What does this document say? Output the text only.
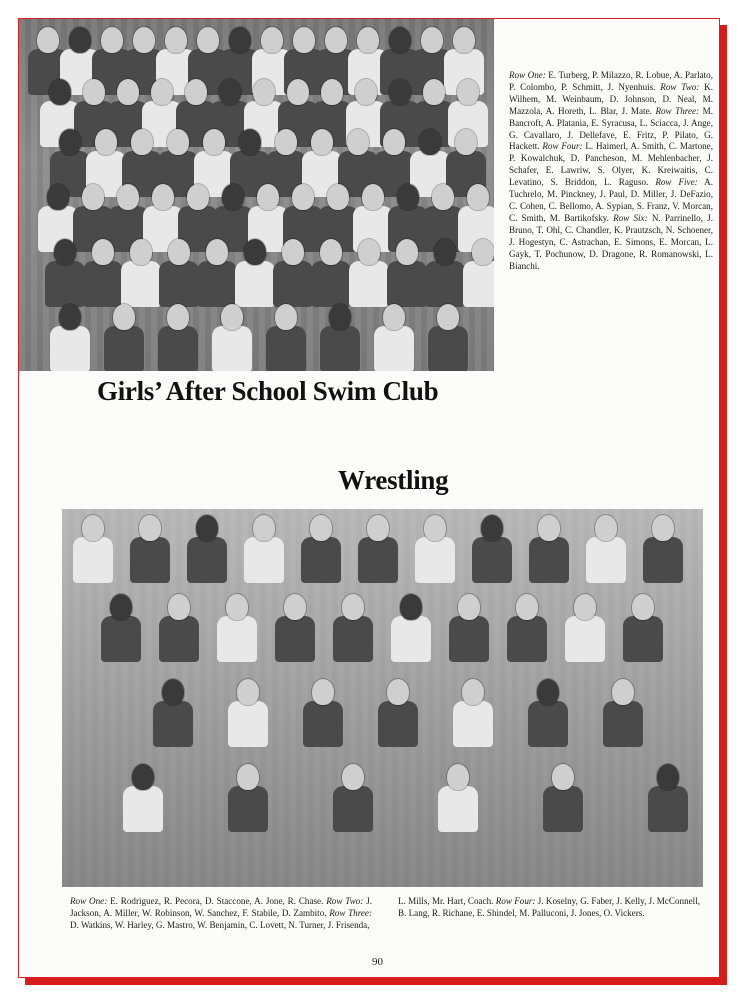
Row One: E. Turberg, P. Milazzo, R. Lobue, A. Parlato, P. Colombo, P. Schmitt, J. Nyenhuis. Row Two: K. Wilhem, M. Weinbaum, D. Johnson, D. Neal, M. Mazzola, A. Horeth, L. Blar, J. Mate. Row Three: M. Bancroft, A. Platania, E. Syracusa, L. Sciacca, J. Ange, G. Cavallaro, J. Dellefave, E. Fritz, P. Pilato, G. Hackett. Row Four: L. Haimerl, A. Smith, C. Martone, P. Kowalchuk, D. Pancheson, M. Mehlenbacher, J. Schafer, E. Lawriw, S. Olyer, K. Kreiwaitis, C. Levatino, S. Briddon, L. Raguso. Row Five: A. Tuchrelo, M. Pinckney, J. Paul, D. Miller, J. DeFazio, C. Cohen, C. Bellomo, A. Sypian, S. Franz, V. Morcan, C. Smith, M. Bartikofsky. Row Six: N. Parrinello, J. Bruno, T. Ohl, C. Chandler, K. Prautzsch, N. Schoener, J. Hogestyn, C. Astrachan, E. Simons, E. Morcan, L. Gayk, T. Pochunow, D. Dragone, R. Romanowski, L. Bianchi.
Girls’ After School Swim Club
Wrestling
Row One: E. Rodriguez, R. Pecora, D. Staccone, A. Jone, R. Chase. Row Two: J. Jackson, A. Miller, W. Robinson, W. Sanchez, F. Stabile, D. Zambito. Row Three: D. Watkins, W. Harley, G. Mastro, W. Benjamin, C. Lovett, N. Turner, J. Frisenda,
L. Mills, Mr. Hart, Coach. Row Four: J. Koselny, G. Faber, J. Kelly, J. McConnell, B. Lang, R. Richane, E. Shindel, M. Palluconi, J. Jones, O. Vickers.
90
